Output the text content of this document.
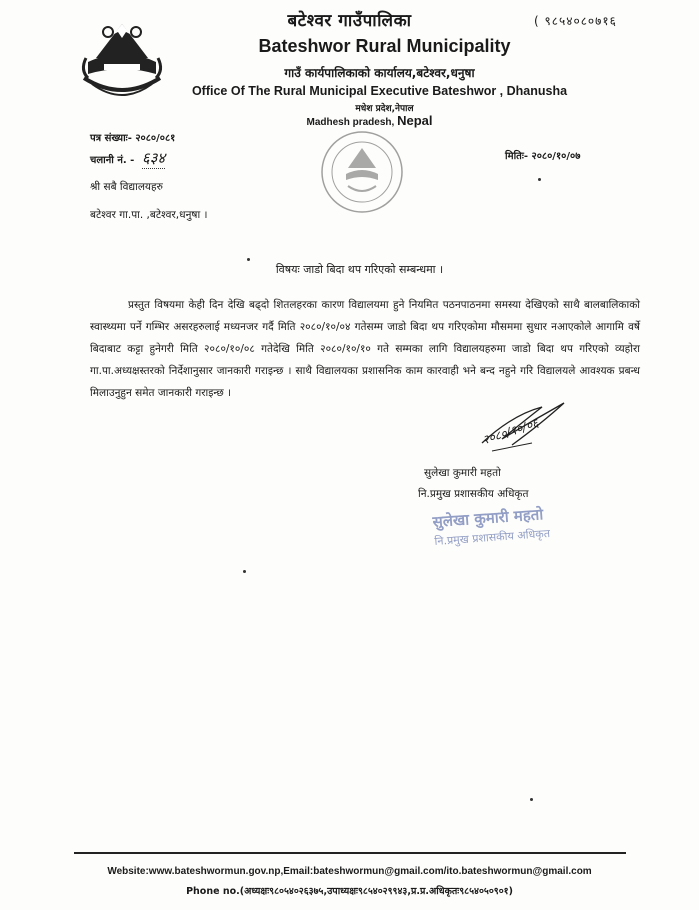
बटेश्वर गाउँपालिका	( ९८५४०८०७१६
Bateshwor Rural Municipality
गाउँ कार्यपालिकाको कार्यालय,बटेश्वर,धनुषा
Office Of The Rural Municipal Executive Bateshwor , Dhanusha
मधेश प्रदेश,नेपाल
Madhesh pradesh, Nepal
पत्र संख्याः- २०८०/०८१
चलानी नं. - ६३४	मितिः- २०८०/१०/०७
श्री सबै विद्यालयहरु
बटेश्वर गा.पा. ,बटेश्वर,धनुषा ।
विषयः जाडो बिदा थप गरिएको सम्बन्धमा ।
प्रस्तुत विषयमा केही दिन देखि बढ्दो शितलहरका कारण विद्यालयमा हुने नियमित पठनपाठनमा समस्या देखिएको साथै बालबालिकाको स्वास्थ्यमा पर्ने गम्भिर असरहरुलाई मध्यनजर गर्दै मिति २०८०/१०/०४ गतेसम्म जाडो बिदा थप गरिएकोमा मौसममा सुधार नआएकोले आगामि वर्षे बिदाबाट कट्टा हुनेगरी मिति २०८०/१०/०८ गतेदेखि मिति २०८०/१०/१० गते सम्मका लागि विद्यालयहरुमा जाडो बिदा थप गरिएको व्यहोरा गा.पा.अध्यक्षस्तरको निर्देशानुसार जानकारी गराइन्छ । साथै विद्यालयका प्रशासनिक काम कारवाही भने बन्द नहुने गरि विद्यालयले आवश्यक प्रबन्ध मिलाउनुहुन समेत जानकारी गराइन्छ ।
२०८०/१०/०६
सुलेखा कुमारी महतो
नि.प्रमुख प्रशासकीय अधिकृत
सुलेखा कुमारी महतो
नि.प्रमुख प्रशासकीय अधिकृत
Website:www.bateshwormun.gov.np,Email:bateshwormun@gmail.com/ito.bateshwormun@gmail.com
Phone no.(अध्यक्षः९८०५४०२६३७५,उपाध्यक्षः९८५४०२९९४३,प्र.प्र.अधिकृतः९८५४०५०९०१)
